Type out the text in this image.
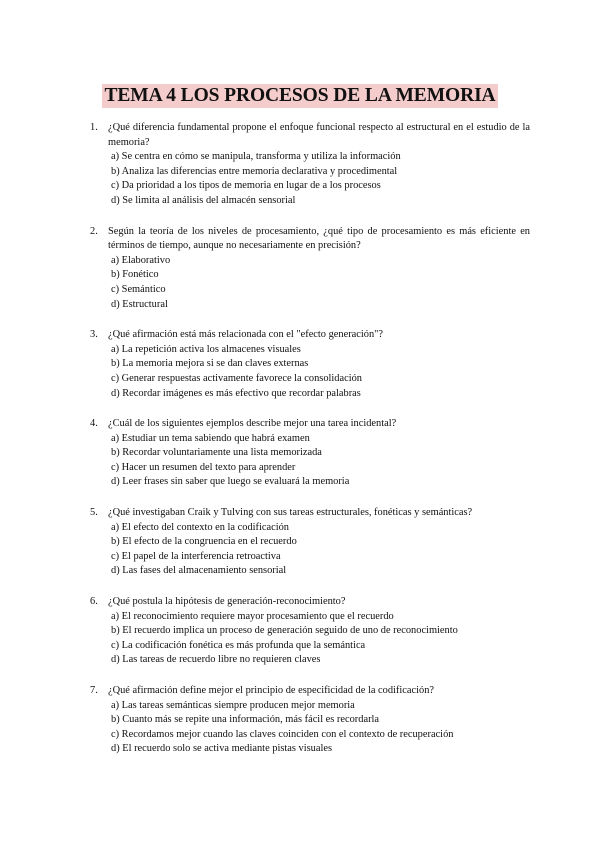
TEMA 4 LOS PROCESOS DE LA MEMORIA
1. ¿Qué diferencia fundamental propone el enfoque funcional respecto al estructural en el estudio de la memoria?
a) Se centra en cómo se manipula, transforma y utiliza la información
b) Analiza las diferencias entre memoria declarativa y procedimental
c) Da prioridad a los tipos de memoria en lugar de a los procesos
d) Se limita al análisis del almacén sensorial
2. Según la teoría de los niveles de procesamiento, ¿qué tipo de procesamiento es más eficiente en términos de tiempo, aunque no necesariamente en precisión?
a) Elaborativo
b) Fonético
c) Semántico
d) Estructural
3. ¿Qué afirmación está más relacionada con el "efecto generación"?
a) La repetición activa los almacenes visuales
b) La memoria mejora si se dan claves externas
c) Generar respuestas activamente favorece la consolidación
d) Recordar imágenes es más efectivo que recordar palabras
4. ¿Cuál de los siguientes ejemplos describe mejor una tarea incidental?
a) Estudiar un tema sabiendo que habrá examen
b) Recordar voluntariamente una lista memorizada
c) Hacer un resumen del texto para aprender
d) Leer frases sin saber que luego se evaluará la memoria
5. ¿Qué investigaban Craik y Tulving con sus tareas estructurales, fonéticas y semánticas?
a) El efecto del contexto en la codificación
b) El efecto de la congruencia en el recuerdo
c) El papel de la interferencia retroactiva
d) Las fases del almacenamiento sensorial
6. ¿Qué postula la hipótesis de generación-reconocimiento?
a) El reconocimiento requiere mayor procesamiento que el recuerdo
b) El recuerdo implica un proceso de generación seguido de uno de reconocimiento
c) La codificación fonética es más profunda que la semántica
d) Las tareas de recuerdo libre no requieren claves
7. ¿Qué afirmación define mejor el principio de especificidad de la codificación?
a) Las tareas semánticas siempre producen mejor memoria
b) Cuanto más se repite una información, más fácil es recordarla
c) Recordamos mejor cuando las claves coinciden con el contexto de recuperación
d) El recuerdo solo se activa mediante pistas visuales
